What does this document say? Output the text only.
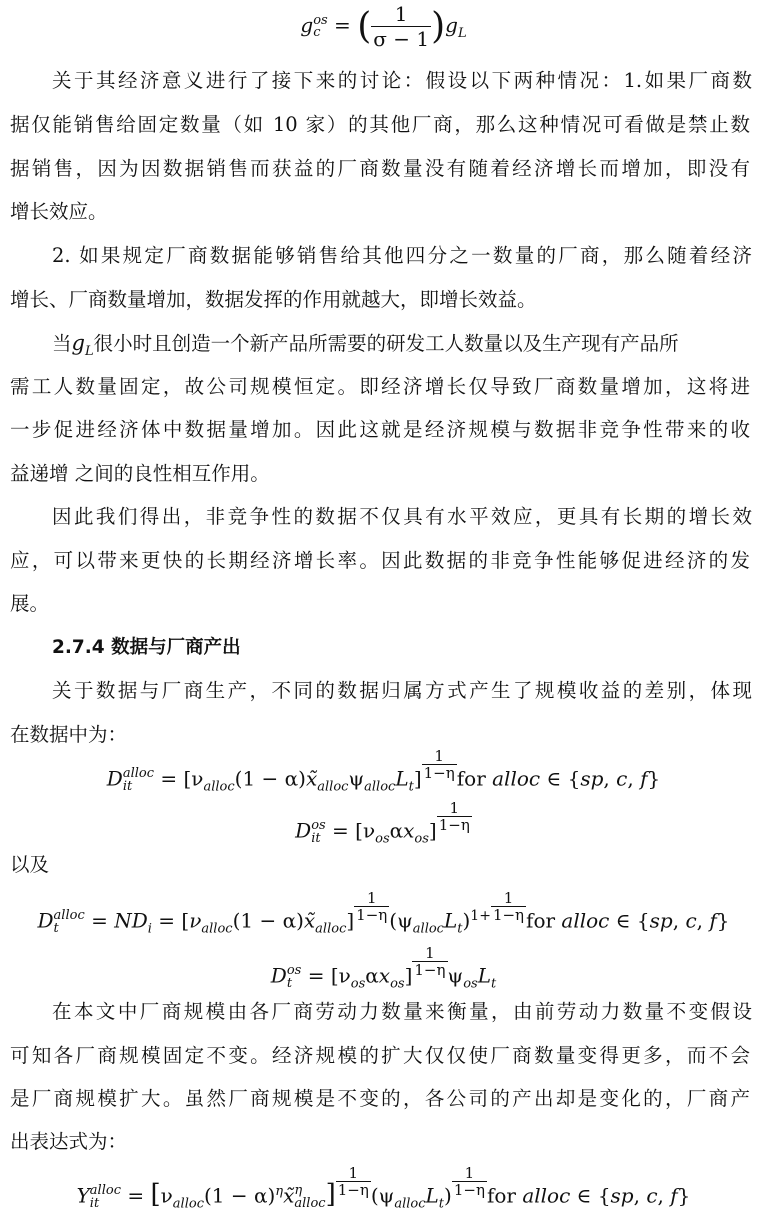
g os
c = ( $\frac{1}{\sigma - 1} )g_L$
关于其经济意义进行了接下来的讨论：假设以下两种情况：1.如果厂商数
据仅能销售给固定数量（如 10 家）的其他厂商，那么这种情况可看做是禁止数
据销售，因为因数据销售而获益的厂商数量没有随着经济增长而增加，即没有
增长效应。
2. 如果规定厂商数据能够销售给其他四分之一数量的厂商，那么随着经济
增长、厂商数量增加，数据发挥的作用就越大，即增长效益。
当$g_L$很小时且创造一个新产品所需要的研发工人数量以及生产现有产品所
需工人数量固定，故公司规模恒定。即经济增长仅导致厂商数量增加，这将进
一步促进经济体中数据量增加。因此这就是经济规模与数据非竞争性带来的收
益递增 之间的良性相互作用。
因此我们得出，非竞争性的数据不仅具有水平效应，更具有长期的增长效
应，可以带来更快的长期经济增长率。因此数据的非竞争性能够促进经济的发
展。
2.7.4 数据与厂商产出
关于数据与厂商生产，不同的数据归属方式产生了规模收益的差别，体现
在数据中为：
D alloc
it	= [$\nu_{alloc}(1$ − $\alpha)x̃_{alloc}\psi_{alloc}L_t] \frac{1}{1-\eta}$ for alloc ∈ {sp, c, f}
D os
it = $[\nu_{os}\alpha x_{os}] \frac{1}{1-\eta}$
以及
D alloc
t	= $ND_i = [\nu_{alloc}(1$ − $\alpha)x̃_{alloc}] \frac{1}{1-\eta} (\psi_{alloc}L_t)^{1+} \frac{1}{1-\eta}$ for alloc ∈ {sp, c, f}
D os
$t = [\nu_{os}\alpha x_{os}] \frac{1}{1-\eta} \psi_{os}L_t$
在本文中厂商规模由各厂商劳动力数量来衡量，由前劳动力数量不变假设
可知各厂商规模固定不变。经济规模的扩大仅仅使厂商数量变得更多，而不会
是厂商规模扩大。虽然厂商规模是不变的，各公司的产出却是变化的，厂商产
出表达式为：
Y alloc
it	= [$\nu_{alloc}(1$ − $\alpha)^\eta x̃$ η
alloc ] $\frac{1}{1-\eta} (\psi_{alloc}L_t) \frac{1}{1-\eta}$ for alloc ∈ {sp, c, f}
